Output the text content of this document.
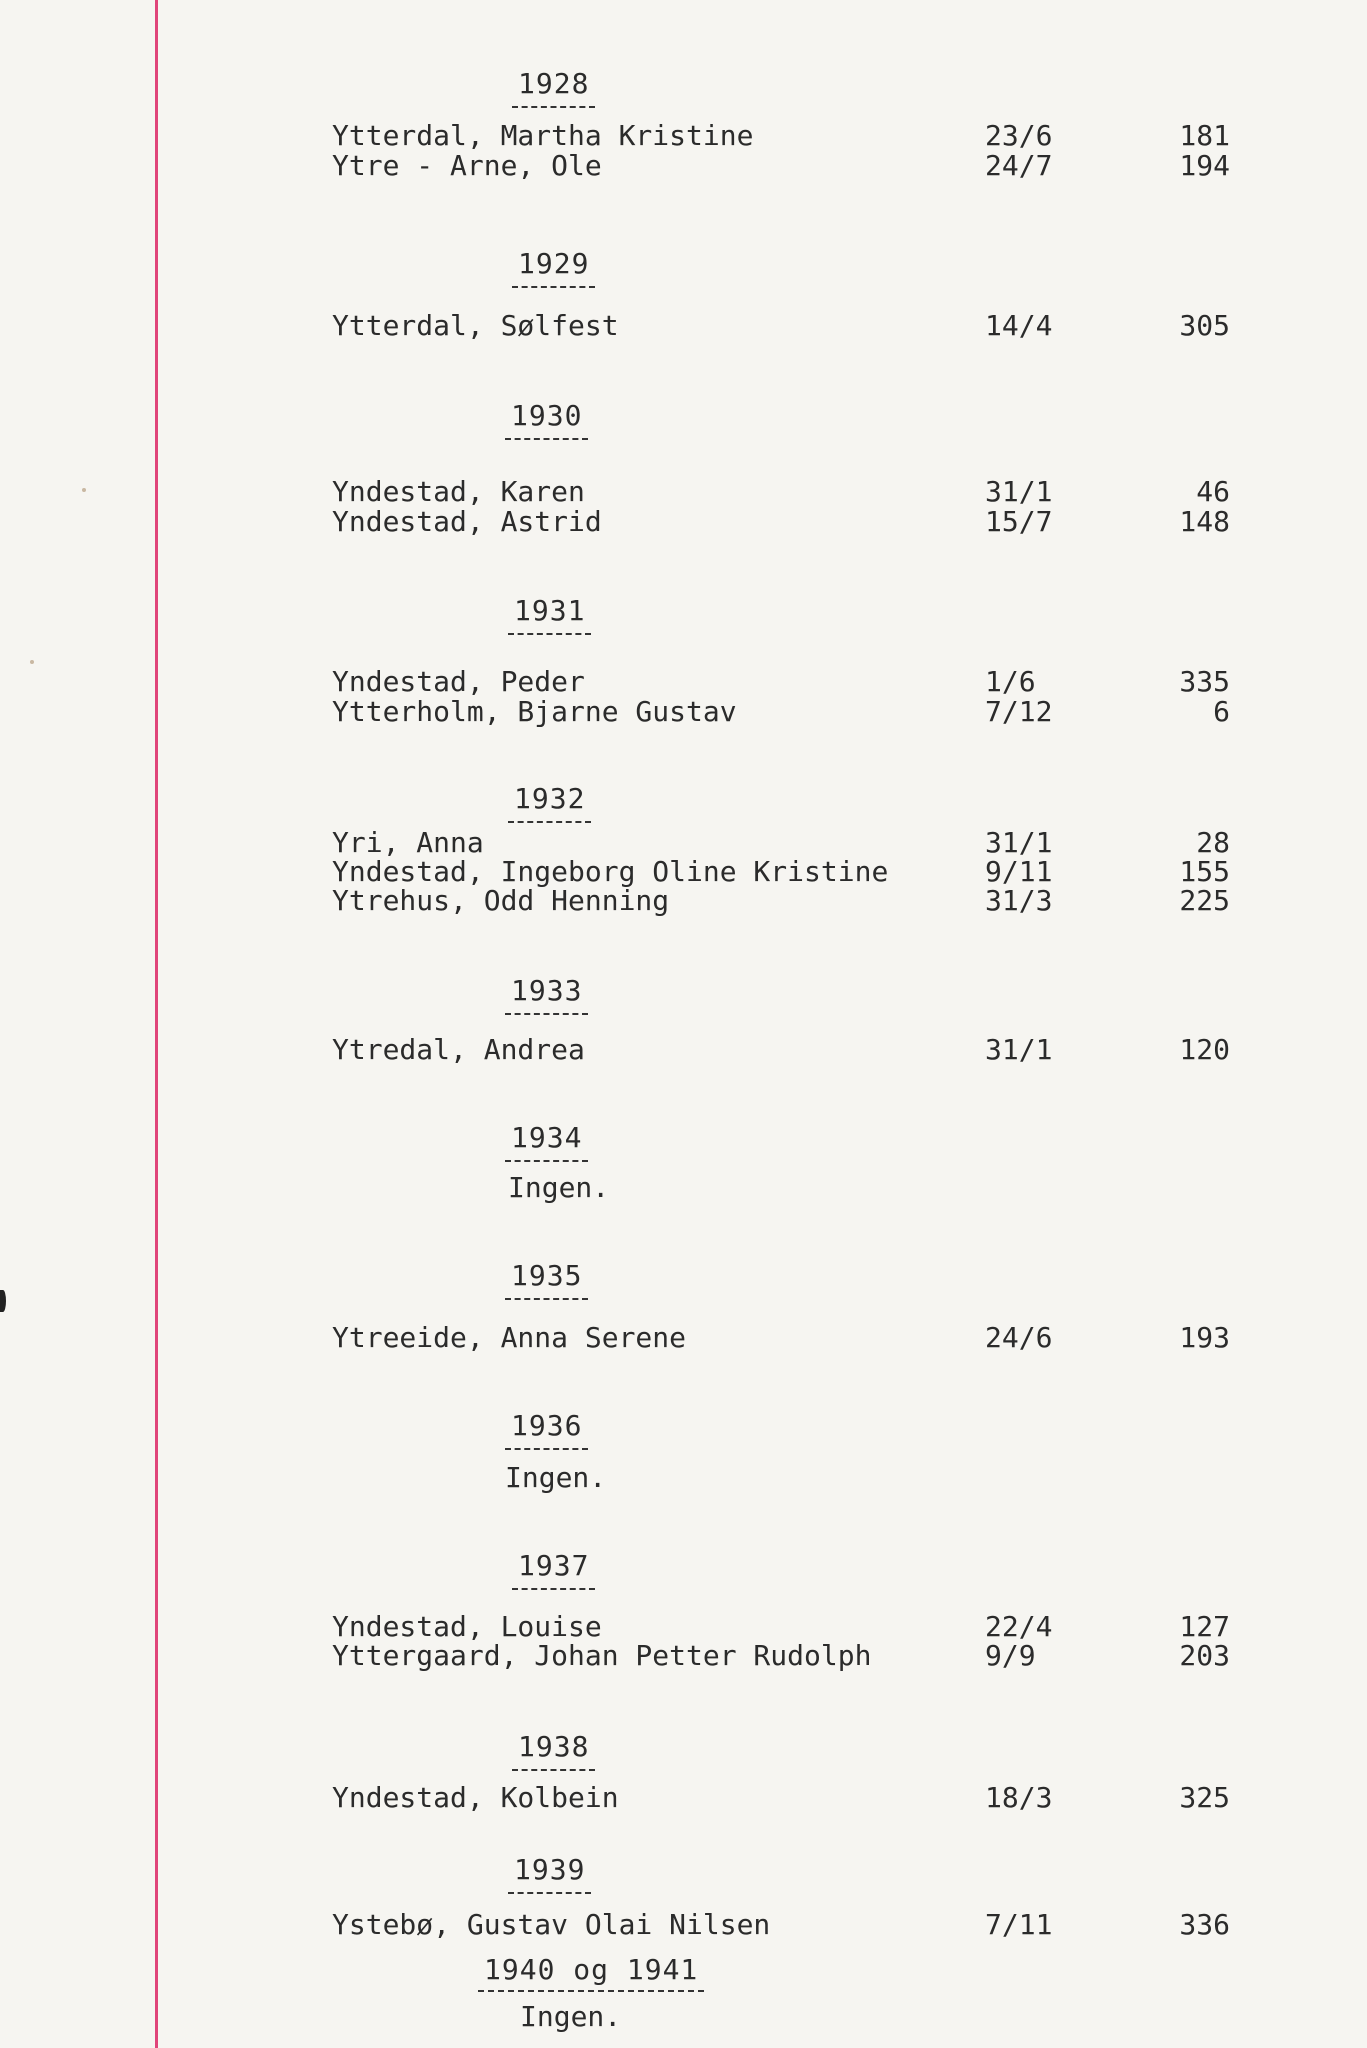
1928
Ytterdal, Martha Kristine	23/6	181
Ytre - Arne, Ole	24/7	194
1929
Ytterdal, Sølfest	14/4	305
1930
Yndestad, Karen	31/1	46
Yndestad, Astrid	15/7	148
1931
Yndestad, Peder	1/6	335
Ytterholm, Bjarne Gustav	7/12	6
1932
Yri, Anna	31/1	28
Yndestad, Ingeborg Oline Kristine	9/11	155
Ytrehus, Odd Henning	31/3	225
1933
Ytredal, Andrea	31/1	120
1934
Ingen.
1935
Ytreeide, Anna Serene	24/6	193
1936
Ingen.
1937
Yndestad, Louise	22/4	127
Yttergaard, Johan Petter Rudolph	9/9	203
1938
Yndestad, Kolbein	18/3	325
1939
Ystebø, Gustav Olai Nilsen	7/11	336
1940 og 1941
Ingen.
